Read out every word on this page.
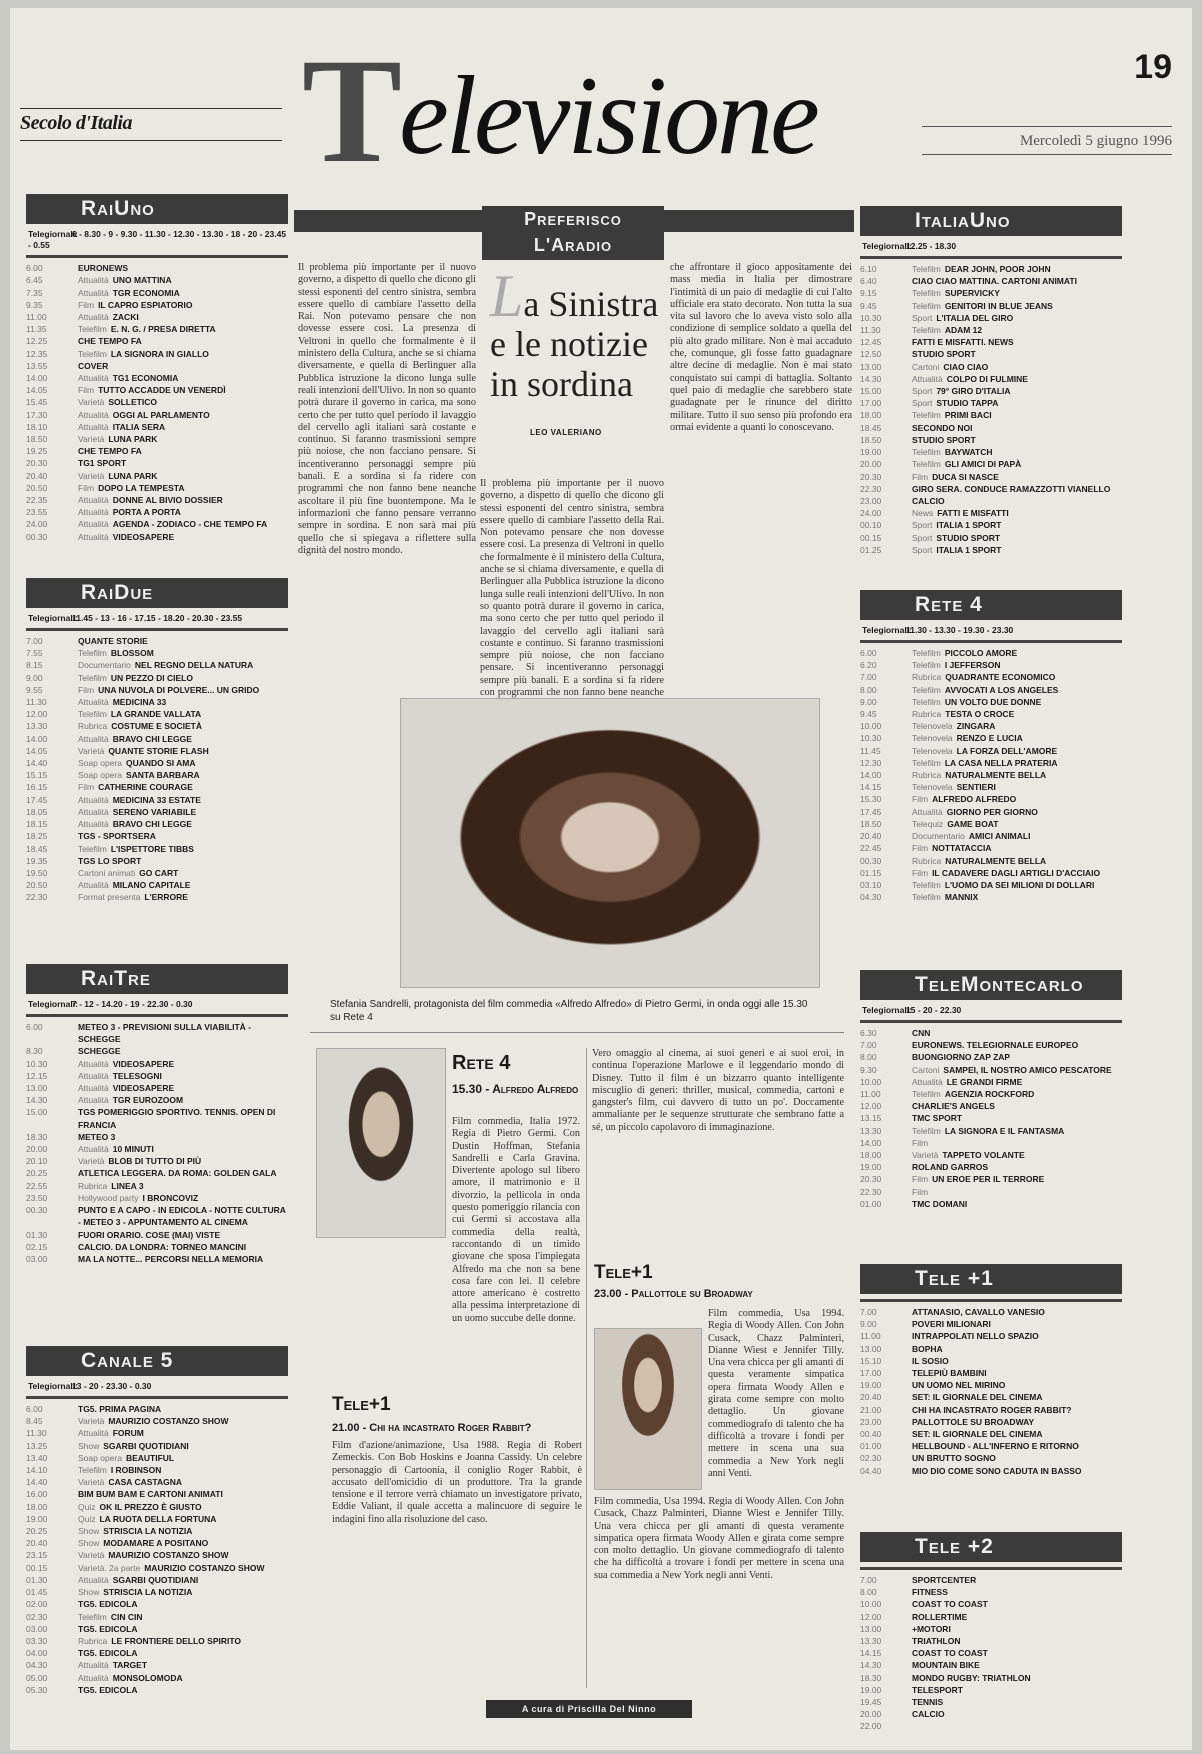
Secolo d'Italia Televisione	19
Mercoledì 5 giugno 1996
RaiUno
Telegiornali:6 - 8.30 - 9 - 9.30 - 11.30 - 12.30 - 13.30 - 18 - 20 - 23.45 - 0.55
6.00	EURONEWS
6.45	Attualità UNO MATTINA
7.35	Attualità TGR ECONOMIA
9.35	Film IL CAPRO ESPIATORIO
11.00	Attualità ZACKI
11.35	Telefilm E. N. G. / PRESA DIRETTA
12.25	CHE TEMPO FA
12.35	Telefilm LA SIGNORA IN GIALLO
13.55	COVER
14.00	Attualità TG1 ECONOMIA
14.05	Film TUTTO ACCADDE UN VENERDÌ
15.45	Varietà SOLLETICO
17.30	Attualità OGGI AL PARLAMENTO
18.10	Attualità ITALIA SERA
18.50	Varietà LUNA PARK
19.25	CHE TEMPO FA
20.30	TG1 SPORT
20.40	Varietà LUNA PARK
20.50	Film DOPO LA TEMPESTA
22.35	Attualità DONNE AL BIVIO DOSSIER
23.55	Attualità PORTA A PORTA
24.00	Attualità AGENDA - ZODIACO - CHE TEMPO FA
00.30	Attualità VIDEOSAPERE
RaiDue
Telegiornali:11.45 - 13 - 16 - 17.15 - 18.20 - 20.30 - 23.55
7.00	QUANTE STORIE
7.55	Telefilm BLOSSOM
8.15	Documentario NEL REGNO DELLA NATURA
9.00	Telefilm UN PEZZO DI CIELO
9.55	Film UNA NUVOLA DI POLVERE... UN GRIDO
11.30	Attualità MEDICINA 33
12.00	Telefilm LA GRANDE VALLATA
13.30	Rubrica COSTUME E SOCIETÀ
14.00	Attualità BRAVO CHI LEGGE
14.05	Varietà QUANTE STORIE FLASH
14.40	Soap opera QUANDO SI AMA
15.15	Soap opera SANTA BARBARA
16.15	Film CATHERINE COURAGE
17.45	Attualità MEDICINA 33 ESTATE
18.05	Attualità SERENO VARIABILE
18.15	Attualità BRAVO CHI LEGGE
18.25	TGS - SPORTSERA
18.45	Telefilm L'ISPETTORE TIBBS
19.35	TGS LO SPORT
19.50	Cartoni animati GO CART
20.50	Attualità MILANO CAPITALE
22.30	Format presenta L'ERRORE
RaiTre
Telegiornali:7 - 12 - 14.20 - 19 - 22.30 - 0.30
6.00	METEO 3 - PREVISIONI SULLA VIABILITÀ - SCHEGGE
8.30	SCHEGGE
10.30	Attualità VIDEOSAPERE
12.15	Attualità TELESOGNI
13.00	Attualità VIDEOSAPERE
14.30	Attualità TGR EUROZOOM
15.00	TGS POMERIGGIO SPORTIVO. TENNIS. OPEN DI FRANCIA
18.30	METEO 3
20.00	Attualità 10 MINUTI
20.10	Varietà BLOB DI TUTTO DI PIÙ
20.25	ATLETICA LEGGERA. DA ROMA: GOLDEN GALA
22.55	Rubrica LINEA 3
23.50	Hollywood party I BRONCOVIZ
00.30	PUNTO E A CAPO - IN EDICOLA - NOTTE CULTURA - METEO 3 - APPUNTAMENTO AL CINEMA
01.30	FUORI ORARIO. COSE (MAI) VISTE
02.15	CALCIO. DA LONDRA: TORNEO MANCINI
03.00	MA LA NOTTE... PERCORSI NELLA MEMORIA
Canale 5
Telegiornali:13 - 20 - 23.30 - 0.30
6.00	TG5. PRIMA PAGINA
8.45	Varietà MAURIZIO COSTANZO SHOW
11.30	Attualità FORUM
13.25	Show SGARBI QUOTIDIANI
13.40	Soap opera BEAUTIFUL
14.10	Telefilm I ROBINSON
14.40	Varietà CASA CASTAGNA
16.00	BIM BUM BAM E CARTONI ANIMATI
18.00	Quiz OK IL PREZZO È GIUSTO
19.00	Quiz LA RUOTA DELLA FORTUNA
20.25	Show STRISCIA LA NOTIZIA
20.40	Show MODAMARE A POSITANO
23.15	Varietà MAURIZIO COSTANZO SHOW
00.15	Varietà. 2a parte MAURIZIO COSTANZO SHOW
01.30	Attualità SGARBI QUOTIDIANI
01.45	Show STRISCIA LA NOTIZIA
02.00	TG5. EDICOLA
02.30	Telefilm CIN CIN
03.00	TG5. EDICOLA
03.30	Rubrica LE FRONTIERE DELLO SPIRITO
04.00	TG5. EDICOLA
04.30	Attualità TARGET
05.00	Attualità MONSOLOMODA
05.30	TG5. EDICOLA
ItaliaUno
Telegiornali:12.25 - 18.30
6.10	Telefilm DEAR JOHN, POOR JOHN
6.40	CIAO CIAO MATTINA. CARTONI ANIMATI
9.15	Telefilm SUPERVICKY
9.45	Telefilm GENITORI IN BLUE JEANS
10.30	Sport L'ITALIA DEL GIRO
11.30	Telefilm ADAM 12
12.45	FATTI E MISFATTI. NEWS
12.50	STUDIO SPORT
13.00	Cartoni CIAO CIAO
14.30	Attualità COLPO DI FULMINE
15.00	Sport 79° GIRO D'ITALIA
17.00	Sport STUDIO TAPPA
18.00	Telefilm PRIMI BACI
18.45	SECONDO NOI
18.50	STUDIO SPORT
19.00	Telefilm BAYWATCH
20.00	Telefilm GLI AMICI DI PAPÀ
20.30	Film DUCA SI NASCE
22.30	GIRO SERA. CONDUCE RAMAZZOTTI VIANELLO
23.00	CALCIO
24.00	News FATTI E MISFATTI
00.10	Sport ITALIA 1 SPORT
00.15	Sport STUDIO SPORT
01.25	Sport ITALIA 1 SPORT
Rete 4
Telegiornali:11.30 - 13.30 - 19.30 - 23.30
6.00	Telefilm PICCOLO AMORE
6.20	Telefilm I JEFFERSON
7.00	Rubrica QUADRANTE ECONOMICO
8.00	Telefilm AVVOCATI A LOS ANGELES
9.00	Telefilm UN VOLTO DUE DONNE
9.45	Rubrica TESTA O CROCE
10.00	Telenovela ZINGARA
10.30	Telenovela RENZO E LUCIA
11.45	Telenovela LA FORZA DELL'AMORE
12.30	Telefilm LA CASA NELLA PRATERIA
14.00	Rubrica NATURALMENTE BELLA
14.15	Telenovela SENTIERI
15.30	Film ALFREDO ALFREDO
17.45	Attualità GIORNO PER GIORNO
18.50	Telequiz GAME BOAT
20.40	Documentario AMICI ANIMALI
22.45	Film NOTTATACCIA
00.30	Rubrica NATURALMENTE BELLA
01.15	Film IL CADAVERE DAGLI ARTIGLI D'ACCIAIO
03.10	Telefilm L'UOMO DA SEI MILIONI DI DOLLARI
04.30	Telefilm MANNIX
TeleMontecarlo
Telegiornali:15 - 20 - 22.30
6.30	CNN
7.00	EURONEWS. TELEGIORNALE EUROPEO
8.00	BUONGIORNO ZAP ZAP
9.30	Cartoni SAMPEI, IL NOSTRO AMICO PESCATORE
10.00	Attualità LE GRANDI FIRME
11.00	Telefilm AGENZIA ROCKFORD
12.00	CHARLIE'S ANGELS
13.15	TMC SPORT
13.30	Telefilm LA SIGNORA E IL FANTASMA
14.00	Film
18.00	Varietà TAPPETO VOLANTE
19.00	ROLAND GARROS
20.30	Film UN EROE PER IL TERRORE
22.30	Film
01.00	TMC DOMANI
Tele +1
7.00	ATTANASIO, CAVALLO VANESIO
9.00	POVERI MILIONARI
11.00	INTRAPPOLATI NELLO SPAZIO
13.00	BOPHA
15.10	IL SOSIO
17.00	TELEPIÙ BAMBINI
19.00	UN UOMO NEL MIRINO
20.40	SET: IL GIORNALE DEL CINEMA
21.00	CHI HA INCASTRATO ROGER RABBIT?
23.00	PALLOTTOLE SU BROADWAY
00.40	SET: IL GIORNALE DEL CINEMA
01.00	HELLBOUND - ALL'INFERNO E RITORNO
02.30	UN BRUTTO SOGNO
04.40	MIO DIO COME SONO CADUTA IN BASSO
Tele +2
7.00	SPORTCENTER
8.00	FITNESS
10.00	COAST TO COAST
12.00	ROLLERTIME
13.00	+MOTORI
13.30	TRIATHLON
14.15	COAST TO COAST
14.30	MOUNTAIN BIKE
18.30	MONDO RUGBY: TRIATHLON
19.00	TELESPORT
19.45	TENNIS
20.00	CALCIO
22.00
Preferisco
L'Aradio
Il problema più importante per il nuovo governo, a dispetto di quello che dicono gli stessi esponenti del centro sinistra, sembra essere quello di cambiare l'assetto della Rai. Non potevamo pensare che non dovesse essere così. La presenza di Veltroni in quello che formalmente è il ministero della Cultura, anche se si chiama diversamente, e quella di Berlinguer alla Pubblica istruzione la dicono lunga sulle reali intenzioni dell'Ulivo. In non so quanto potrà durare il governo in carica, ma sono certo che per tutto quel periodo il lavaggio del cervello agli italiani sarà costante e continuo. Si faranno trasmissioni sempre più noiose, che non facciano pensare. Si incentiveranno personaggi sempre più banali. E a sordina si fa ridere con programmi che non fanno bene neanche ascoltare il più fine buontempone. Ma le informazioni che fanno pensare verranno sempre in sordina. E non sarà mai più quello che si spiegava a riflettere sulla dignità del nostro mondo.
La Sinistra e le notizie in sordina
LEO VALERIANO
Il problema più importante per il nuovo governo, a dispetto di quello che dicono gli stessi esponenti del centro sinistra, sembra essere quello di cambiare l'assetto della Rai. Non potevamo pensare che non dovesse essere così. La presenza di Veltroni in quello che formalmente è il ministero della Cultura, anche se si chiama diversamente, e quella di Berlinguer alla Pubblica istruzione la dicono lunga sulle reali intenzioni dell'Ulivo. In non so quanto potrà durare il governo in carica, ma sono certo che per tutto quel periodo il lavaggio del cervello agli italiani sarà costante e continuo. Si faranno trasmissioni sempre più noiose, che non facciano pensare. Si incentiveranno personaggi sempre più banali. E a sordina si fa ridere con programmi che non fanno bene neanche
che affrontare il gioco appositamente dei mass media in Italia per dimostrare l'intimità di un paio di medaglie di cui l'alto ufficiale era stato decorato. Non tutta la sua vita sul lavoro che lo aveva visto solo alla condizione di semplice soldato a quella del più alto grado militare. Non è mai accaduto che, comunque, gli fosse fatto guadagnare altre decine di medaglie. Non è mai stato conquistato sui campi di battaglia. Soltanto quel paio di medaglie che sarebbero state guadagnate per le rinunce del diritto militare. Tutto il suo senso più profondo era ormai evidente a quanti lo conoscevano.
Stefania Sandrelli, protagonista del film commedia «Alfredo Alfredo» di Pietro Germi, in onda oggi alle 15.30 su Rete 4
Rete 4
15.30 - Alfredo Alfredo
Film commedia, Italia 1972. Regia di Pietro Germi. Con Dustin Hoffman, Stefania Sandrelli e Carla Gravina. Divertente apologo sul libero amore, il matrimonio e il divorzio, la pellicola in onda questo pomeriggio rilancia con cui Germi si accostava alla commedia della realtà, raccontando di un timido giovane che sposa l'impiegata Alfredo ma che non sa bene cosa fare con lei. Il celebre attore americano è costretto alla pessima interpretazione di un uomo succube delle donne.
Tele+1
21.00 - Chi ha incastrato Roger Rabbit?
Film d'azione/animazione, Usa 1988. Regia di Robert Zemeckis. Con Bob Hoskins e Joanna Cassidy. Un celebre personaggio di Cartoonia, il coniglio Roger Rabbit, è accusato dell'omicidio di un produttore. Tra la grande tensione e il terrore verrà chiamato un investigatore privato, Eddie Valiant, il quale accetta a malincuore di seguire le indagini fino alla risoluzione del caso.
Vero omaggio al cinema, ai suoi generi e ai suoi eroi, in continua l'operazione Marlowe e il leggendario mondo di Disney. Tutto il film è un bizzarro quanto intelligente miscuglio di generi: thriller, musical, commedia, cartoni e gangster's film, cui davvero di tutto un po'. Doccamente ammaliante per le sequenze strutturate che sembrano fatte a sé, un piccolo capolavoro di immaginazione.
Tele+1
23.00 - Pallottole su Broadway
Film commedia, Usa 1994. Regia di Woody Allen. Con John Cusack, Chazz Palminteri, Dianne Wiest e Jennifer Tilly. Una vera chicca per gli amanti di questa veramente simpatica opera firmata Woody Allen e girata come sempre con molto dettaglio. Un giovane commediografo di talento che ha difficoltà a trovare i fondi per mettere in scena una sua commedia a New York negli anni Venti.
Film commedia, Usa 1994. Regia di Woody Allen. Con John Cusack, Chazz Palminteri, Dianne Wiest e Jennifer Tilly. Una vera chicca per gli amanti di questa veramente simpatica opera firmata Woody Allen e girata come sempre con molto dettaglio. Un giovane commediografo di talento che ha difficoltà a trovare i fondi per mettere in scena una sua commedia a New York negli anni Venti.
A cura di Priscilla Del Ninno
